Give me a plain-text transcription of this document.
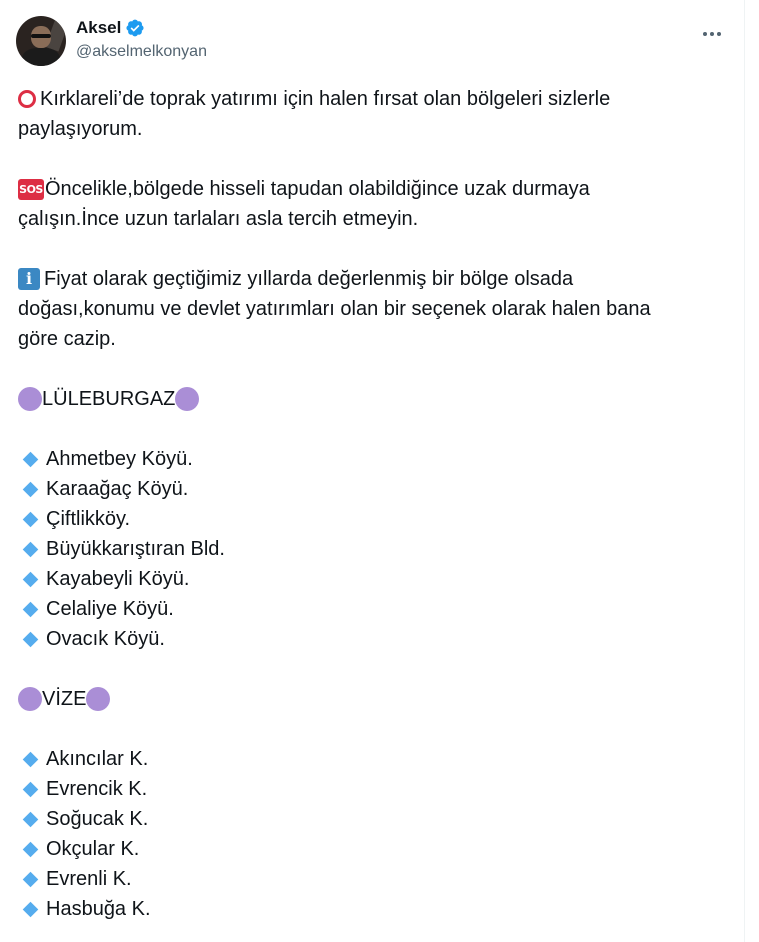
Aksel
@akselmelkonyan
Kırklareli’de toprak yatırımı için halen fırsat olan bölgeleri sizlerle
paylaşıyorum.
SOS Öncelikle,bölgede hisseli tapudan olabildiğince uzak durmaya
çalışın.İnce uzun tarlaları asla tercih etmeyin.
i Fiyat olarak geçtiğimiz yıllarda değerlenmiş bir bölge olsada
doğası,konumu ve devlet yatırımları olan bir seçenek olarak halen bana
göre cazip.
LÜLEBURGAZ
Ahmetbey Köyü.
Karaağaç Köyü.
Çiftlikköy.
Büyükkarıştıran Bld.
Kayabeyli Köyü.
Celaliye Köyü.
Ovacık Köyü.
VİZE
Akıncılar K.
Evrencik K.
Soğucak K.
Okçular K.
Evrenli K.
Hasbuğa K.
